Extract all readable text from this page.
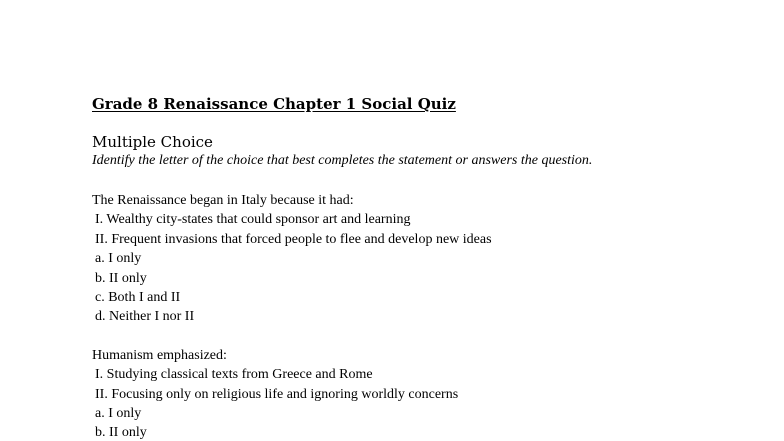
Grade 8 Renaissance Chapter 1 Social Quiz
Multiple Choice
Identify the letter of the choice that best completes the statement or answers the question.
The Renaissance began in Italy because it had:
I. Wealthy city-states that could sponsor art and learning
II. Frequent invasions that forced people to flee and develop new ideas
a. I only
b. II only
c. Both I and II
d. Neither I nor II
Humanism emphasized:
I. Studying classical texts from Greece and Rome
II. Focusing only on religious life and ignoring worldly concerns
a. I only
b. II only
